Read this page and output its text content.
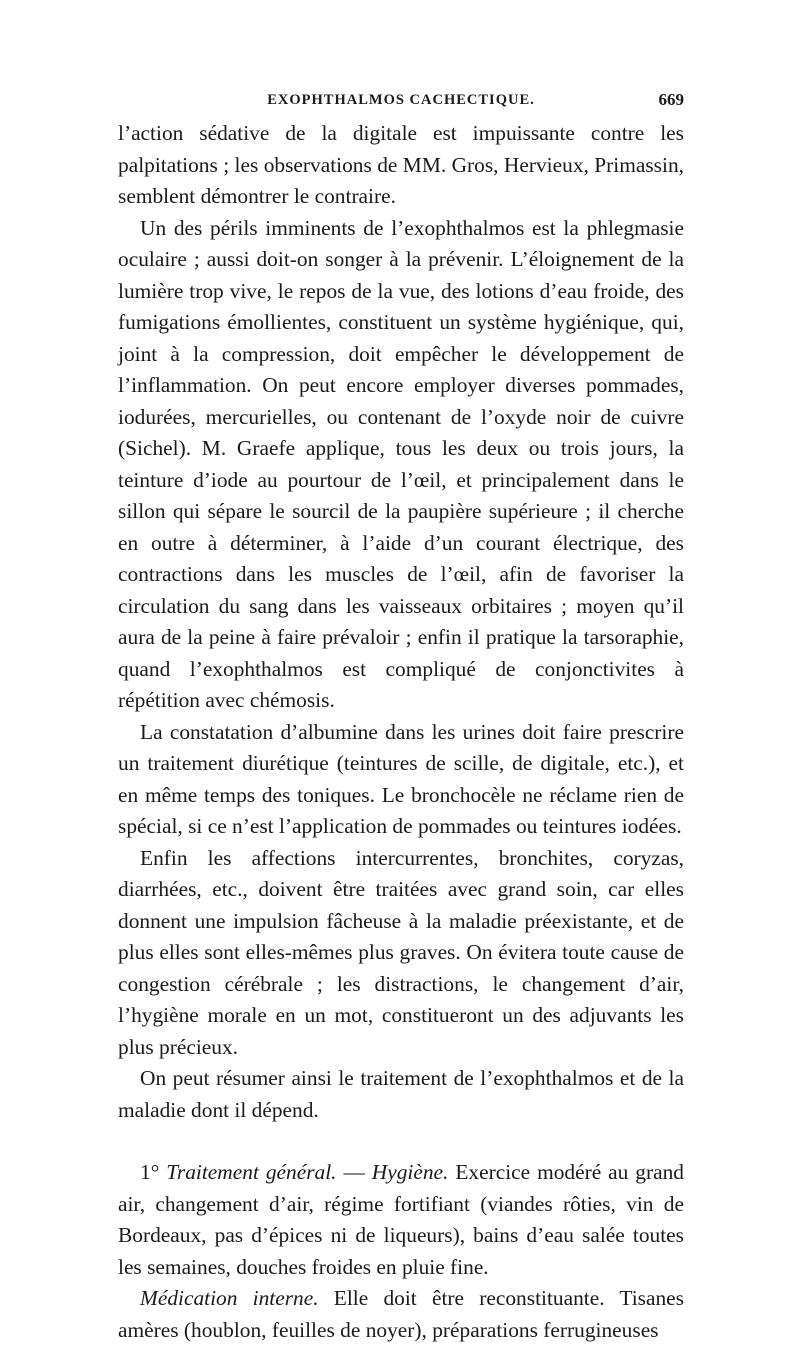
EXOPHTHALMOS CACHECTIQUE.	669

l’action sédative de la digitale est impuissante contre les palpitations ; les observations de MM. Gros, Hervieux, Primassin, semblent démontrer le contraire.

Un des périls imminents de l’exophthalmos est la phlegmasie oculaire ; aussi doit-on songer à la prévenir. L’éloignement de la lumière trop vive, le repos de la vue, des lotions d’eau froide, des fumigations émollientes, constituent un système hygiénique, qui, joint à la compression, doit empêcher le développement de l’inflammation. On peut encore employer diverses pommades, iodurées, mercurielles, ou contenant de l’oxyde noir de cuivre (Sichel). M. Graefe applique, tous les deux ou trois jours, la teinture d’iode au pourtour de l’œil, et principalement dans le sillon qui sépare le sourcil de la paupière supérieure ; il cherche en outre à déterminer, à l’aide d’un courant électrique, des contractions dans les muscles de l’œil, afin de favoriser la circulation du sang dans les vaisseaux orbitaires ; moyen qu’il aura de la peine à faire prévaloir ; enfin il pratique la tarsoraphie, quand l’exophthalmos est compliqué de conjonctivites à répétition avec chémosis.

La constatation d’albumine dans les urines doit faire prescrire un traitement diurétique (teintures de scille, de digitale, etc.), et en même temps des toniques. Le bronchocèle ne réclame rien de spécial, si ce n’est l’application de pommades ou teintures iodées.

Enfin les affections intercurrentes, bronchites, coryzas, diarrhées, etc., doivent être traitées avec grand soin, car elles donnent une impulsion fâcheuse à la maladie préexistante, et de plus elles sont elles-mêmes plus graves. On évitera toute cause de congestion cérébrale ; les distractions, le changement d’air, l’hygiène morale en un mot, constitueront un des adjuvants les plus précieux.

On peut résumer ainsi le traitement de l’exophthalmos et de la maladie dont il dépend.

1° Traitement général. — Hygiène. Exercice modéré au grand air, changement d’air, régime fortifiant (viandes rôties, vin de Bordeaux, pas d’épices ni de liqueurs), bains d’eau salée toutes les semaines, douches froides en pluie fine.

Médication interne. Elle doit être reconstituante. Tisanes amères (houblon, feuilles de noyer), préparations ferrugineuses
